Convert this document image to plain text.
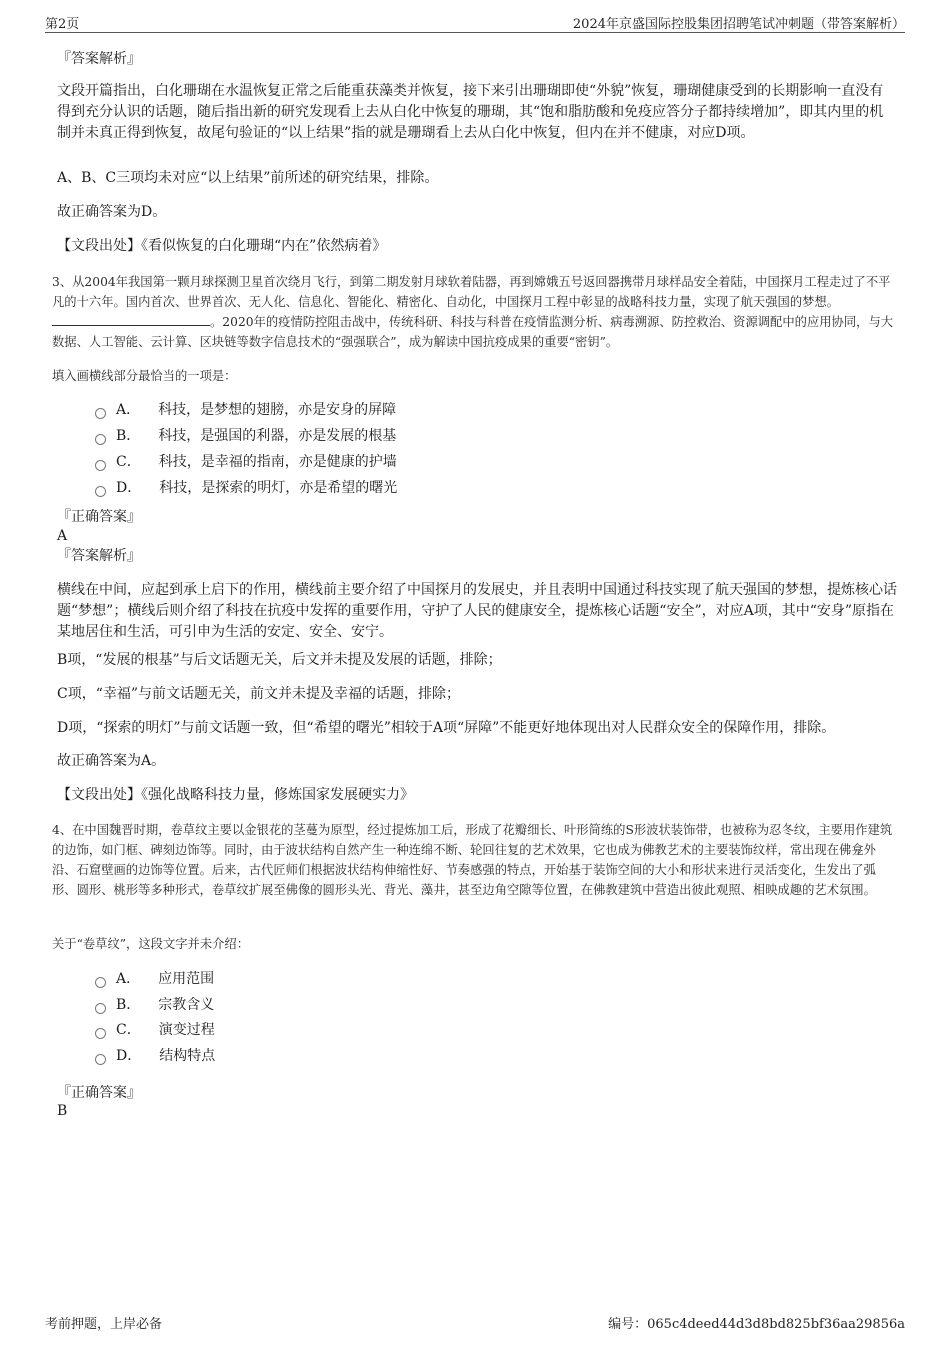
第2页	2024年京盛国际控股集团招聘笔试冲刺题（带答案解析）
『答案解析』
文段开篇指出，白化珊瑚在水温恢复正常之后能重获藻类并恢复，接下来引出珊瑚即使“外貌”恢复，珊瑚健康受到的长期影响一直没有得到充分认识的话题，随后指出新的研究发现看上去从白化中恢复的珊瑚，其“饱和脂肪酸和免疫应答分子都持续增加”，即其内里的机制并未真正得到恢复，故尾句验证的“以上结果”指的就是珊瑚看上去从白化中恢复，但内在并不健康，对应D项。
A、B、C三项均未对应“以上结果”前所述的研究结果，排除。
故正确答案为D。
【文段出处】《看似恢复的白化珊瑚“内在”依然病着》
3、从2004年我国第一颗月球探测卫星首次绕月飞行，到第二期发射月球软着陆器，再到嫦娥五号返回器携带月球样品安全着陆，中国探月工程走过了不平凡的十六年。国内首次、世界首次、无人化、信息化、智能化、精密化、自动化，中国探月工程中彰显的战略科技力量，实现了航天强国的梦想。 。2020年的疫情防控阻击战中，传统科研、科技与科普在疫情监测分析、病毒溯源、防控救治、资源调配中的应用协同，与大数据、人工智能、云计算、区块链等数字信息技术的“强强联合”，成为解读中国抗疫成果的重要“密钥”。
填入画横线部分最恰当的一项是：
A． 科技，是梦想的翅膀，亦是安身的屏障
B． 科技，是强国的利器，亦是发展的根基
C． 科技，是幸福的指南，亦是健康的护墙
D． 科技，是探索的明灯，亦是希望的曙光
『正确答案』
A
『答案解析』
横线在中间，应起到承上启下的作用，横线前主要介绍了中国探月的发展史，并且表明中国通过科技实现了航天强国的梦想，提炼核心话题“梦想”；横线后则介绍了科技在抗疫中发挥的重要作用，守护了人民的健康安全，提炼核心话题“安全”，对应A项，其中“安身”原指在某地居住和生活，可引申为生活的安定、安全、安宁。
B项，“发展的根基”与后文话题无关，后文并未提及发展的话题，排除；
C项，“幸福”与前文话题无关，前文并未提及幸福的话题，排除；
D项，“探索的明灯”与前文话题一致，但“希望的曙光”相较于A项“屏障”不能更好地体现出对人民群众安全的保障作用，排除。
故正确答案为A。
【文段出处】《强化战略科技力量，修炼国家发展硬实力》
4、在中国魏晋时期，卷草纹主要以金银花的茎蔓为原型，经过提炼加工后，形成了花瓣细长、叶形简练的S形波状装饰带，也被称为忍冬纹，主要用作建筑的边饰，如门框、碑刻边饰等。同时，由于波状结构自然产生一种连绵不断、轮回往复的艺术效果，它也成为佛教艺术的主要装饰纹样，常出现在佛龛外沿、石窟壁画的边饰等位置。后来，古代匠师们根据波状结构伸缩性好、节奏感强的特点，开始基于装饰空间的大小和形状来进行灵活变化，生发出了弧形、圆形、桃形等多种形式，卷草纹扩展至佛像的圆形头光、背光、藻井，甚至边角空隙等位置，在佛教建筑中营造出彼此观照、相映成趣的艺术氛围。
关于“卷草纹”，这段文字并未介绍：
A． 应用范围
B． 宗教含义
C． 演变过程
D． 结构特点
『正确答案』
B
考前押题，上岸必备	编号：065c4deed44d3d8bd825bf36aa29856a
